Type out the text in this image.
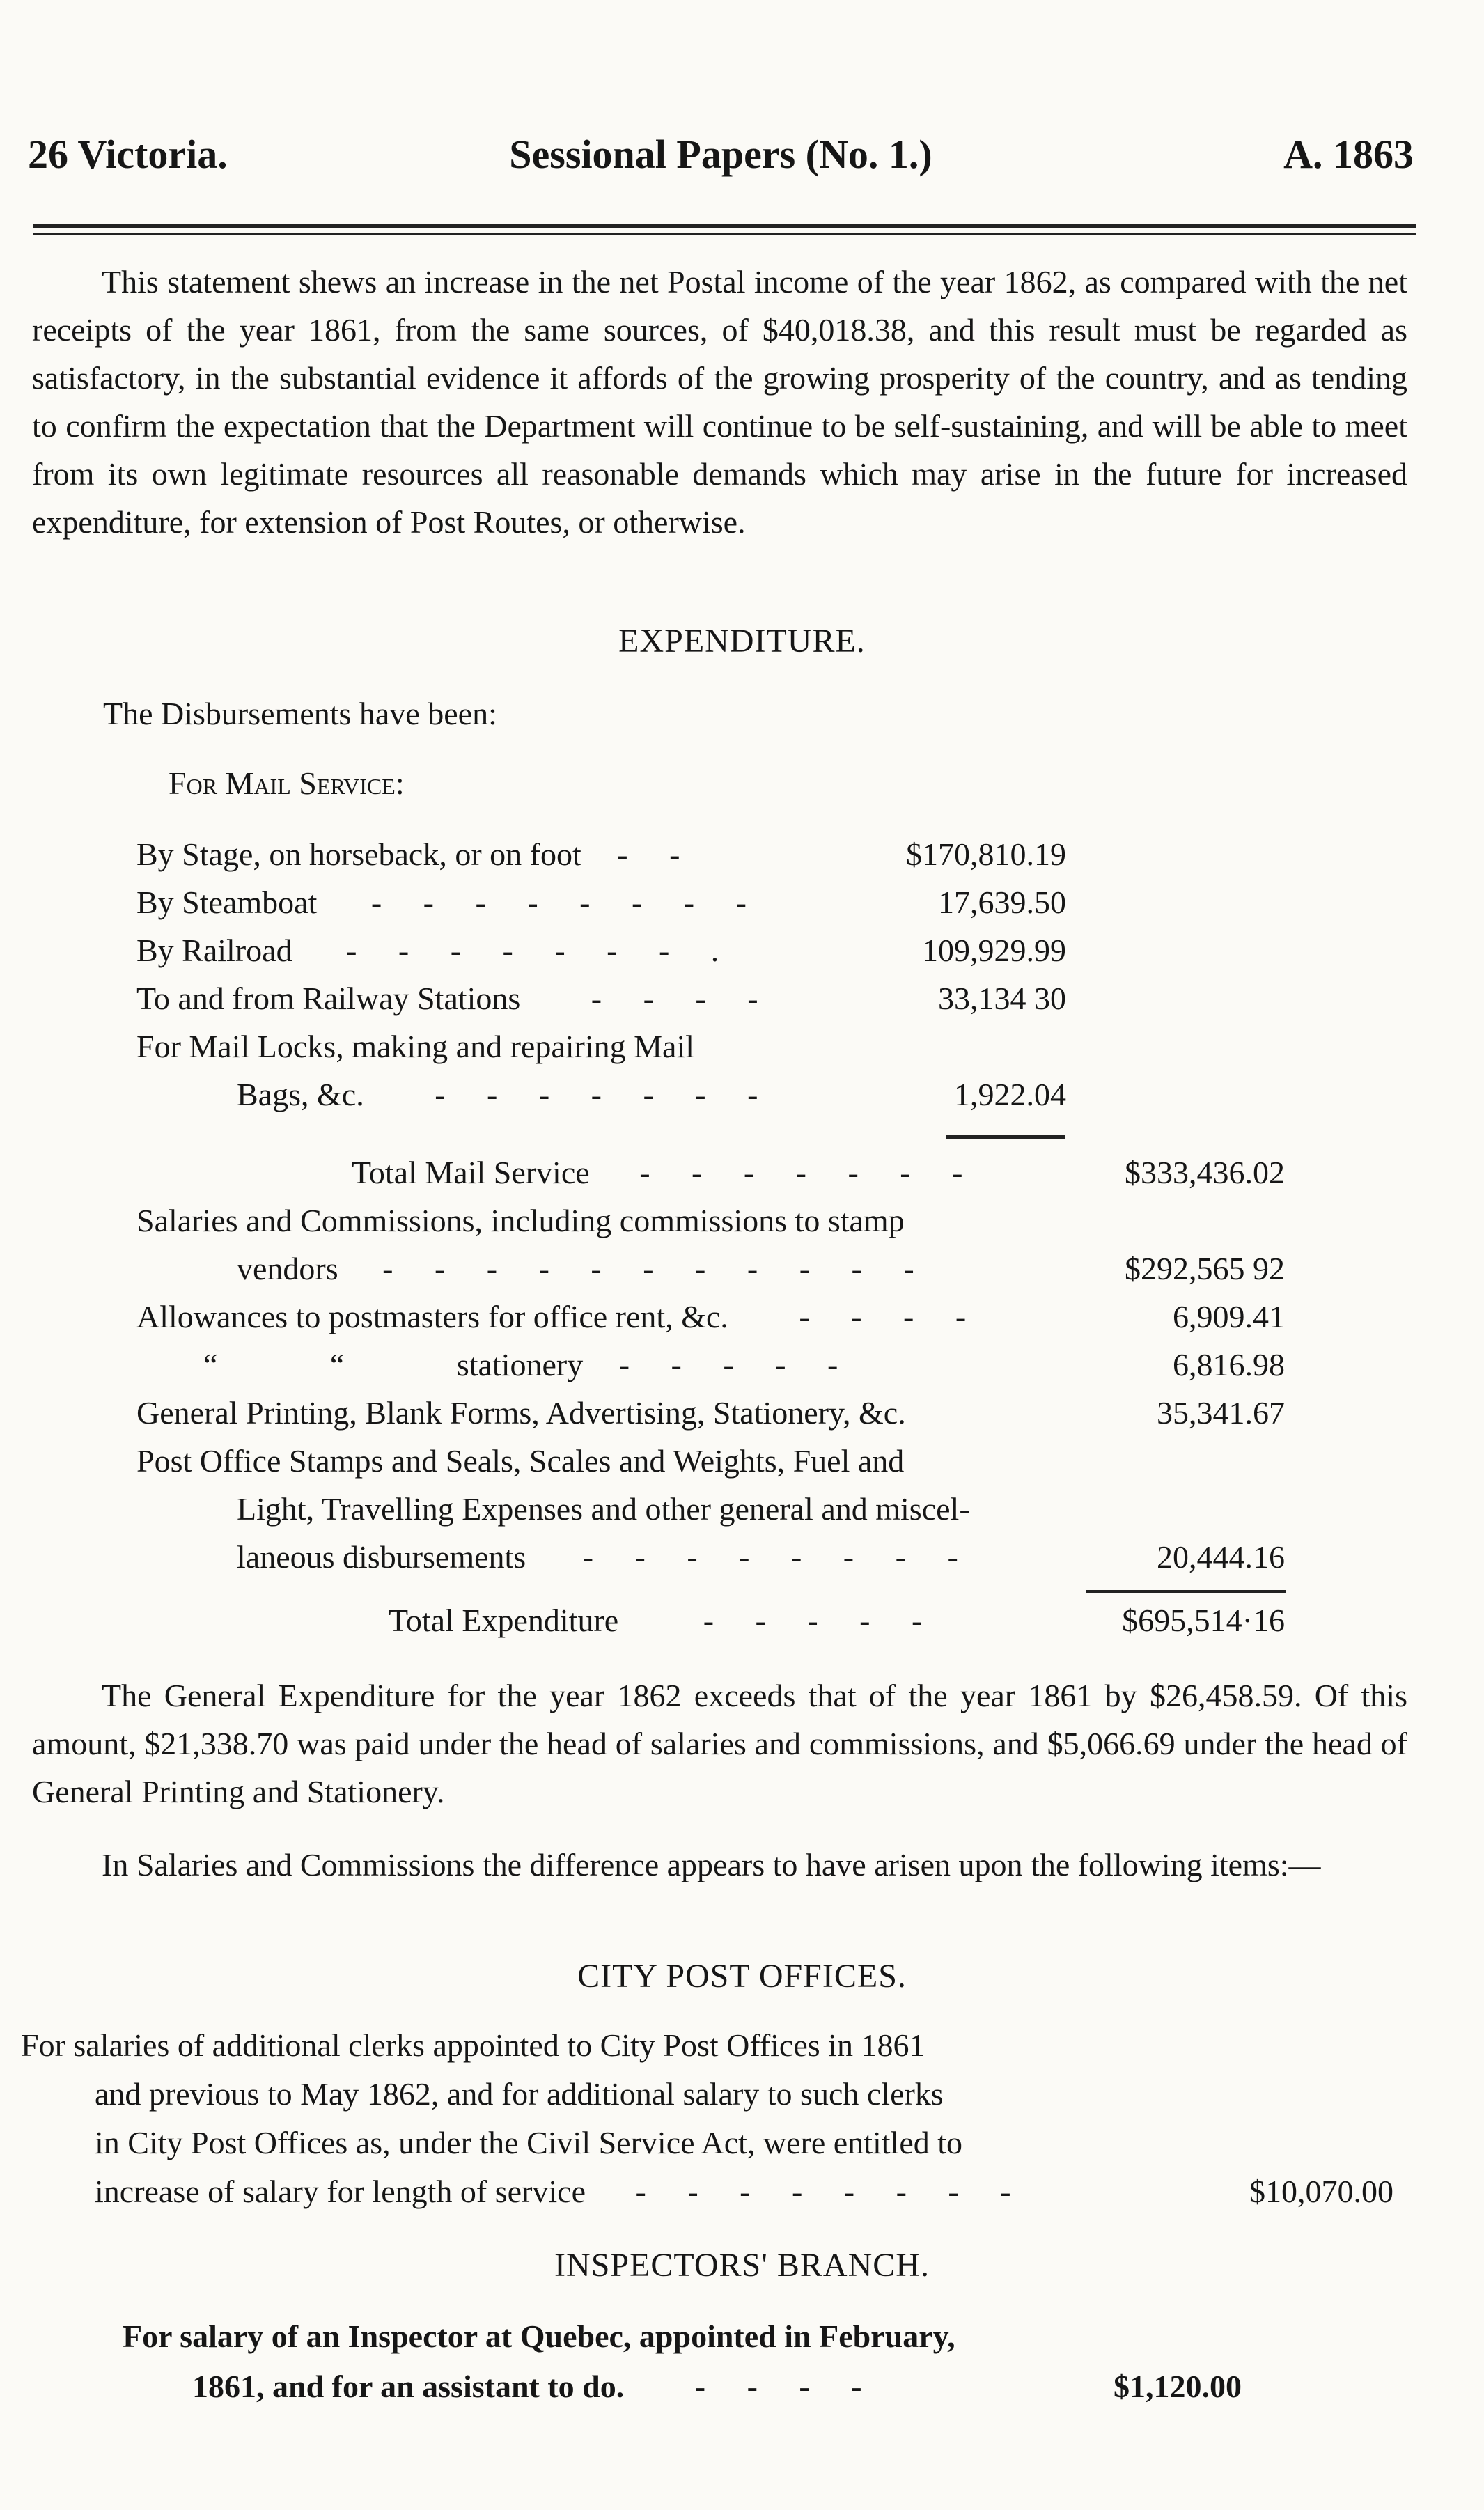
26 Victoria.	Sessional Papers (No. 1.)	A. 1863
This statement shews an increase in the net Postal income of the year 1862, as compared with the net receipts of the year 1861, from the same sources, of $40,018.38, and this result must be regarded as satisfactory, in the substantial evidence it affords of the growing prosperity of the country, and as tending to confirm the expectation that the Department will continue to be self-sustaining, and will be able to meet from its own legitimate resources all reasonable demands which may arise in the future for increased expenditure, for extension of Post Routes, or otherwise.
EXPENDITURE.
The Disbursements have been:
For Mail Service:
By Stage, on horseback, or on foot - -	$170,810.19
By Steamboat - - - - - - - -	17,639.50
By Railroad - - - - - - - .	109,929.99
To and from Railway Stations - - - -	33,134 30
For Mail Locks, making and repairing Mail
Bags, &c. - - - - - - -	1,922.04
Total Mail Service - - - - - - -	$333,436.02
Salaries and Commissions, including commissions to stamp
vendors - - - - - - - - - - -	$292,565 92
Allowances to postmasters for office rent, &c. - - - -	6,909.41
“ “ stationery - - - - -	6,816.98
General Printing, Blank Forms, Advertising, Stationery, &c.	35,341.67
Post Office Stamps and Seals, Scales and Weights, Fuel and
Light, Travelling Expenses and other general and miscel-
laneous disbursements - - - - - - - -	20,444.16
Total Expenditure	- - - - -	$695,514·16
The General Expenditure for the year 1862 exceeds that of the year 1861 by $26,458.59. Of this amount, $21,338.70 was paid under the head of salaries and commissions, and $5,066.69 under the head of General Printing and Stationery.
In Salaries and Commissions the difference appears to have arisen upon the following items:—
CITY POST OFFICES.
For salaries of additional clerks appointed to City Post Offices in 1861
and previous to May 1862, and for additional salary to such clerks
in City Post Offices as, under the Civil Service Act, were entitled to
increase of salary for length of service - - - - - - - -	$10,070.00
INSPECTORS' BRANCH.
For salary of an Inspector at Quebec, appointed in February,
1861, and for an assistant to do. - - - -	$1,120.00
